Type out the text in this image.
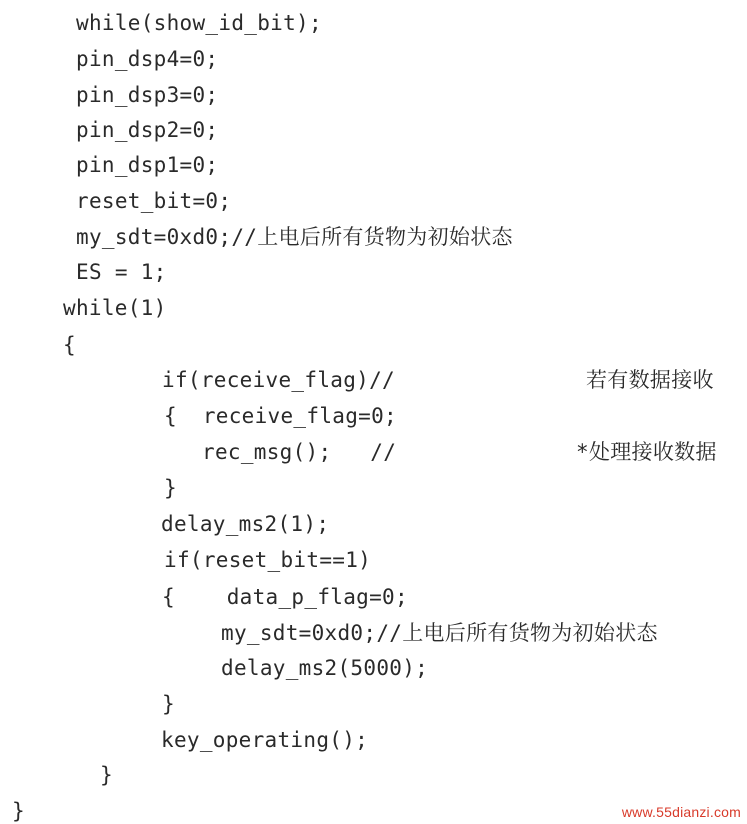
while(show_id_bit);
pin_dsp4=0;
pin_dsp3=0;
pin_dsp2=0;
pin_dsp1=0;
reset_bit=0;
my_sdt=0xd0;//上电后所有货物为初始状态
ES = 1;
while(1)
{
if(receive_flag)//	若有数据接收
{  receive_flag=0;
rec_msg();   //	*处理接收数据
}
delay_ms2(1);
if(reset_bit==1)
{    data_p_flag=0;
my_sdt=0xd0;//上电后所有货物为初始状态
delay_ms2(5000);
}
key_operating();
}
}	www.55dianzi.com
